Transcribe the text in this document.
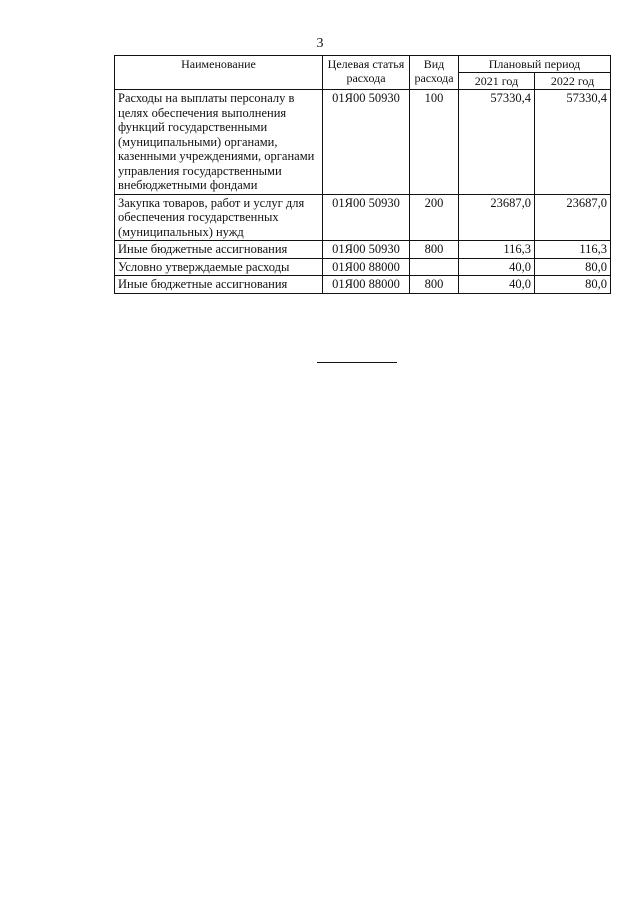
3
Наименование	Целевая статья расхода	Вид расхода	Плановый период	
			2021 год	2022 год
Расходы на выплаты персоналу в целях обеспечения выполнения функций государственными (муниципальными) органами, казенными учреждениями, органами управления государственными внебюджетными фондами	01Я00 50930	100	57330,4	57330,4
Закупка товаров, работ и услуг для обеспечения государственных (муниципальных) нужд	01Я00 50930	200	23687,0	23687,0
Иные бюджетные ассигнования	01Я00 50930	800	116,3	116,3
Условно утверждаемые расходы	01Я00 88000		40,0	80,0
Иные бюджетные ассигнования	01Я00 88000	800	40,0	80,0
